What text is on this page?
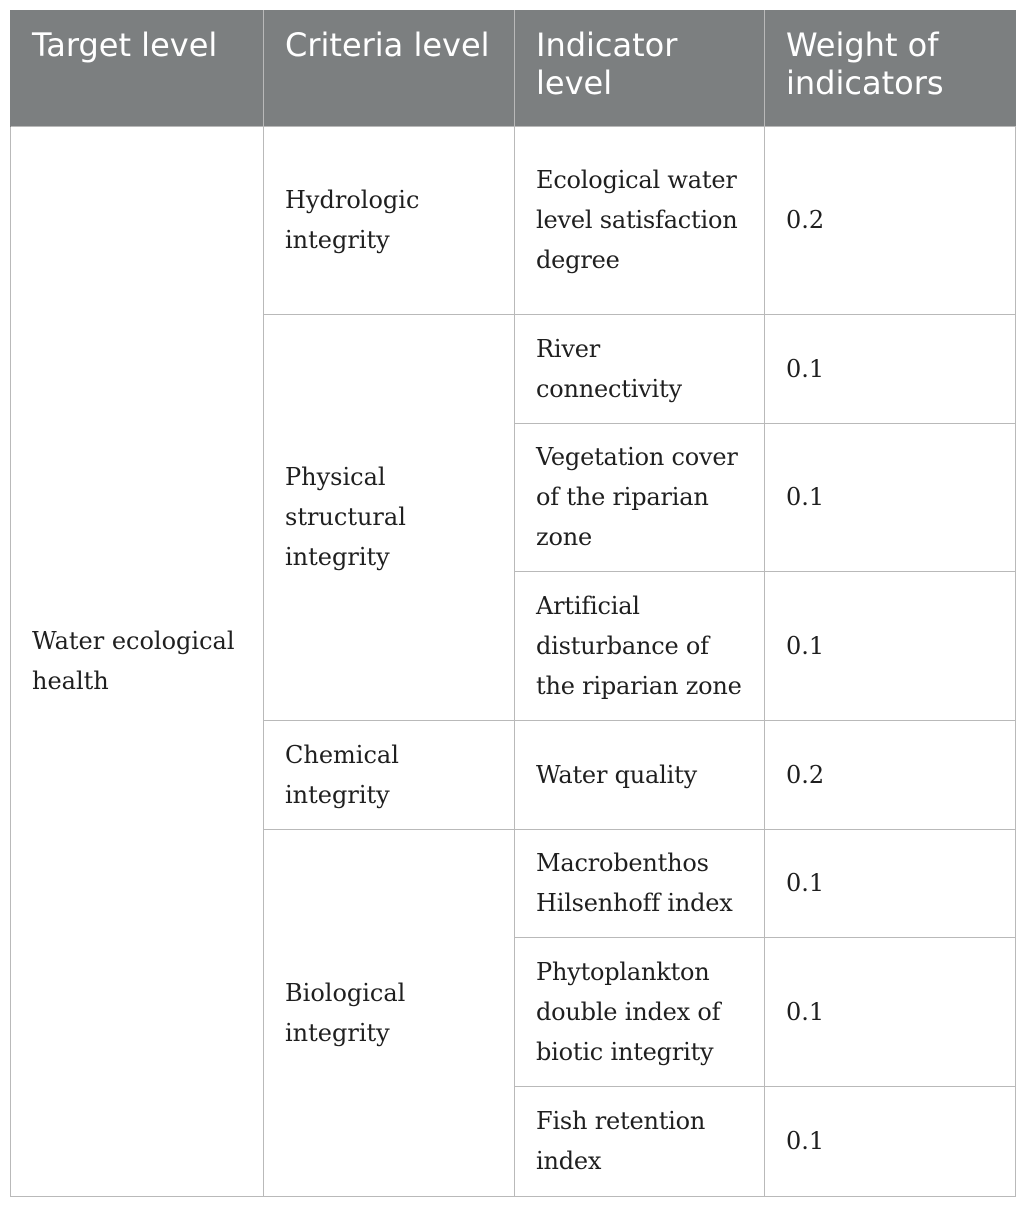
Target level	Criteria level	Indicator level	Weight of indicators
Water ecological health	Hydrologic integrity	Ecological water level satisfaction degree	0.2
	Physical structural integrity	River connectivity	0.1
		Vegetation cover of the riparian zone	0.1
		Artificial disturbance of the riparian zone	0.1
	Chemical integrity	Water quality	0.2
	Biological integrity	Macrobenthos Hilsenhoff index	0.1
		Phytoplankton double index of biotic integrity	0.1
		Fish retention index	0.1
